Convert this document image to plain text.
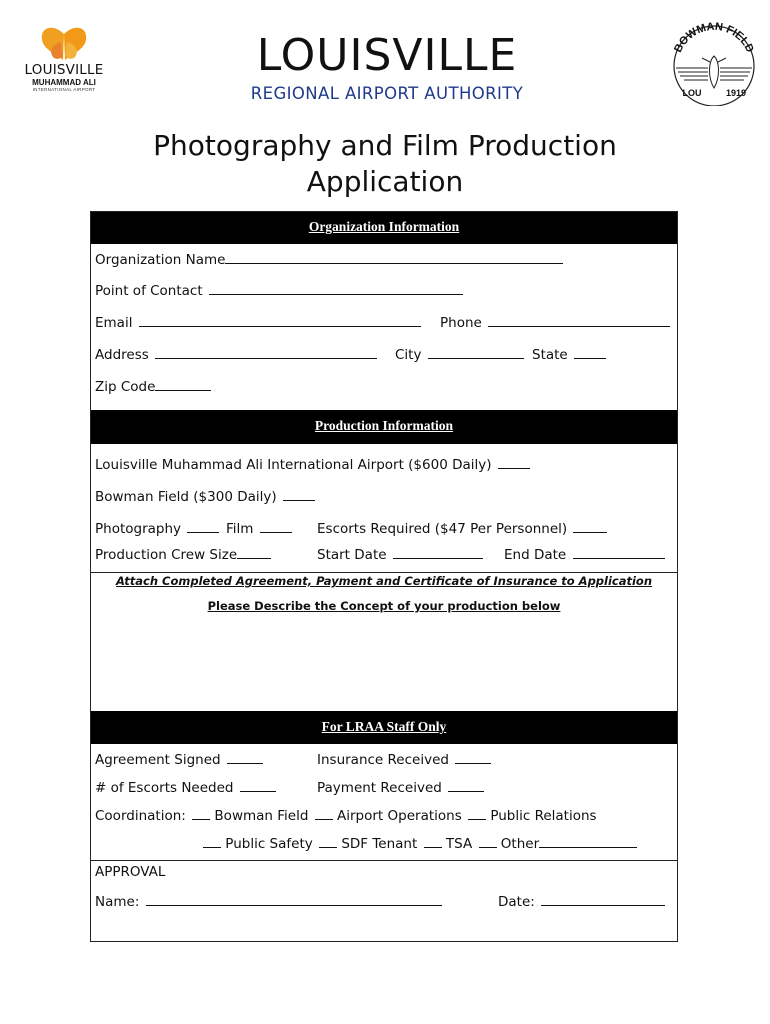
LOUISVILLE
MUHAMMAD ALI
INTERNATIONAL AIRPORT
LOUISVILLE
REGIONAL AIRPORT AUTHORITY
BOWMAN FIELD
LOU	1919
Photography and Film Production
Application
Organization Information
Organization Name
Point of Contact
Email	Phone
Address	City	State
Zip Code
Production Information
Louisville Muhammad Ali International Airport ($600 Daily)
Bowman Field ($300 Daily)
Photography	Film	Escorts Required ($47 Per Personnel)
Production Crew Size	Start Date	End Date
Attach Completed Agreement, Payment and Certificate of Insurance to Application
Please Describe the Concept of your production below
For LRAA Staff Only
Agreement Signed	Insurance Received
# of Escorts Needed	Payment Received
Coordination: Bowman Field Airport Operations Public Relations
Public Safety SDF Tenant TSA Other
APPROVAL
Name:	Date:
